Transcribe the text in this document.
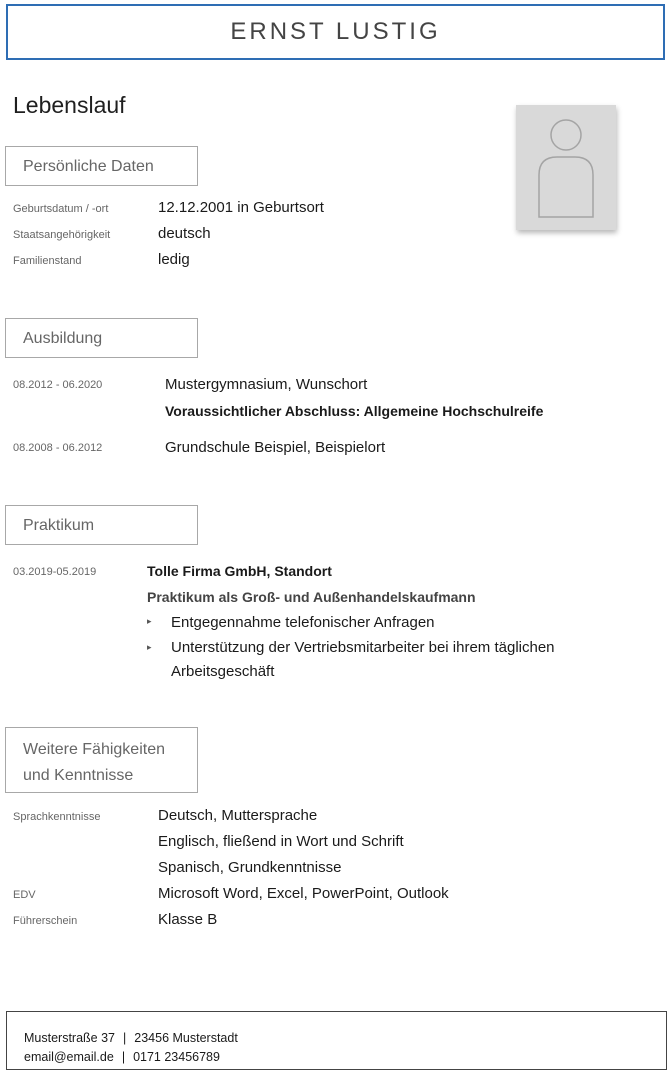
ERNST LUSTIG
Lebenslauf
Persönliche Daten
Geburtsdatum / -ort	12.12.2001 in Geburtsort
Staatsangehörigkeit	deutsch
Familienstand	ledig
Ausbildung
08.2012 - 06.2020	Mustergymnasium, Wunschort
Voraussichtlicher Abschluss: Allgemeine Hochschulreife
08.2008 - 06.2012	Grundschule Beispiel, Beispielort
Praktikum
03.2019-05.2019	Tolle Firma GmbH, Standort
Praktikum als Groß- und Außenhandelskaufmann
▸ Entgegennahme telefonischer Anfragen
▸ Unterstützung der Vertriebsmitarbeiter bei ihrem täglichen
Arbeitsgeschäft
Weitere Fähigkeiten
und Kenntnisse
Sprachkenntnisse	Deutsch, Muttersprache
Englisch, fließend in Wort und Schrift
Spanisch, Grundkenntnisse
EDV	Microsoft Word, Excel, PowerPoint, Outlook
Führerschein	Klasse B
Musterstraße 37 | 23456 Musterstadt
email@email.de | 0171 23456789
